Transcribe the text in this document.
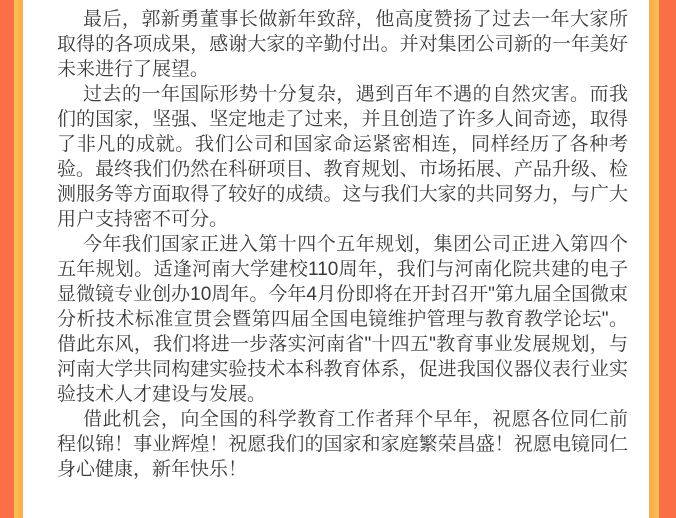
最后，郭新勇董事长做新年致辞，他高度赞扬了过去一年大家所取得的各项成果，感谢大家的辛勤付出。并对集团公司新的一年美好未来进行了展望。

过去的一年国际形势十分复杂，遇到百年不遇的自然灾害。而我们的国家，坚强、坚定地走了过来，并且创造了许多人间奇迹，取得了非凡的成就。我们公司和国家命运紧密相连，同样经历了各种考验。最终我们仍然在科研项目、教育规划、市场拓展、产品升级、检测服务等方面取得了较好的成绩。这与我们大家的共同努力，与广大用户支持密不可分。

今年我们国家正进入第十四个五年规划，集团公司正进入第四个五年规划。适逢河南大学建校110周年，我们与河南化院共建的电子显微镜专业创办10周年。今年4月份即将在开封召开"第九届全国微束分析技术标准宣贯会暨第四届全国电镜维护管理与教育教学论坛"。借此东风，我们将进一步落实河南省"十四五"教育事业发展规划，与河南大学共同构建实验技术本科教育体系，促进我国仪器仪表行业实验技术人才建设与发展。

借此机会，向全国的科学教育工作者拜个早年，祝愿各位同仁前程似锦！事业辉煌！祝愿我们的国家和家庭繁荣昌盛！祝愿电镜同仁身心健康，新年快乐！
